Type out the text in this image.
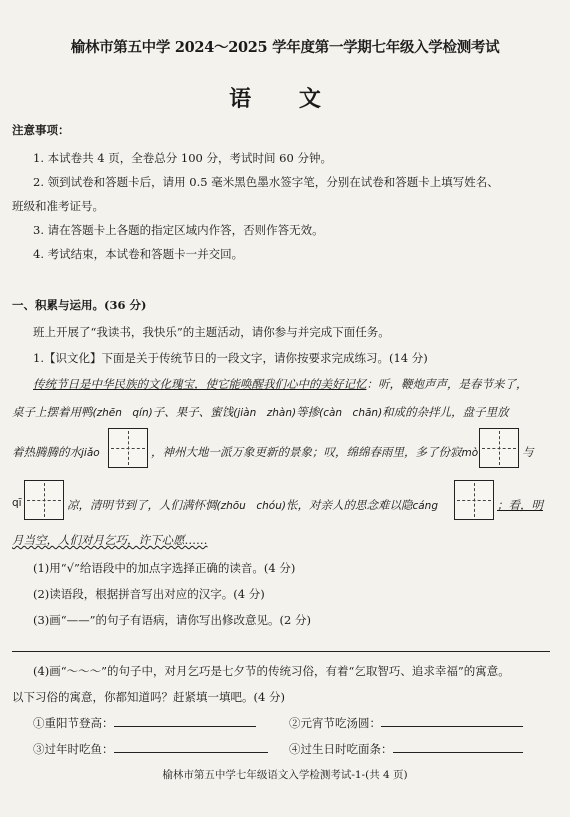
榆林市第五中学 2024～2025 学年度第一学期七年级入学检测考试
语 文
注意事项：
1. 本试卷共 4 页，全卷总分 100 分，考试时间 60 分钟。
2. 领到试卷和答题卡后，请用 0.5 毫米黑色墨水签字笔，分别在试卷和答题卡上填写姓名、
班级和准考证号。
3. 请在答题卡上各题的指定区域内作答，否则作答无效。
4. 考试结束，本试卷和答题卡一并交回。
一、积累与运用。(36 分)
班上开展了“我读书，我快乐”的主题活动，请你参与并完成下面任务。
1.【识文化】下面是关于传统节日的一段文字，请你按要求完成练习。(14 分)
传统节日是中华民族的文化瑰宝，使它能唤醒我们心中的美好记忆：听，鞭炮声声，是春节来了，
桌子上摆着用鸭(zhēn　qín)子、果子、蜜饯(jiàn　zhàn)等掺(càn　chān)和成的杂拌儿，盘子里放
着热腾腾的水jiǎo	，神州大地一派万象更新的景象；叹，绵绵春雨里，多了份寂mò	与
qī	凉，清明节到了，人们满怀惆(zhōu　chóu)怅，对亲人的思念难以隐cáng	；看，明
月当空，人们对月乞巧，许下心愿……
(1)用“√”给语段中的加点字选择正确的读音。(4 分)
(2)读语段，根据拼音写出对应的汉字。(4 分)
(3)画“——”的句子有语病，请你写出修改意见。(2 分)
(4)画“～～～”的句子中，对月乞巧是七夕节的传统习俗，有着“乞取智巧、追求幸福”的寓意。
以下习俗的寓意，你都知道吗？赶紧填一填吧。(4 分)
①重阳节登高：	②元宵节吃汤圆：
③过年时吃鱼：	④过生日时吃面条：
榆林市第五中学七年级语文入学检测考试-1-(共 4 页)
